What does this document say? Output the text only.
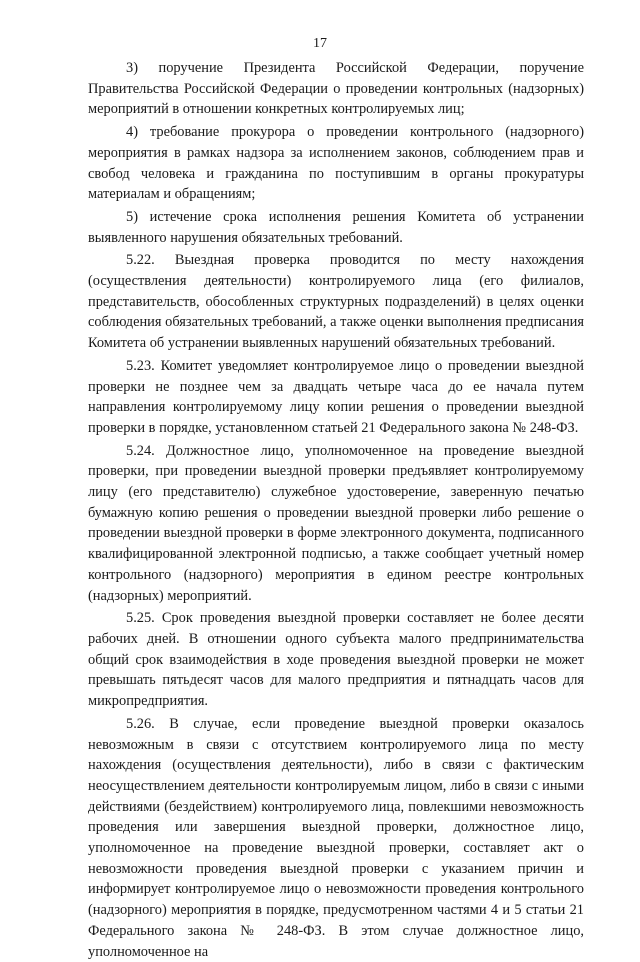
17

3) поручение Президента Российской Федерации, поручение Правительства Российской Федерации о проведении контрольных (надзорных) мероприятий в отношении конкретных контролируемых лиц;

4) требование прокурора о проведении контрольного (надзорного) мероприятия в рамках надзора за исполнением законов, соблюдением прав и свобод человека и гражданина по поступившим в органы прокуратуры материалам и обращениям;

5) истечение срока исполнения решения Комитета об устранении выявленного нарушения обязательных требований.

5.22. Выездная проверка проводится по месту нахождения (осуществления деятельности) контролируемого лица (его филиалов, представительств, обособленных структурных подразделений) в целях оценки соблюдения обязательных требований, а также оценки выполнения предписания Комитета об устранении выявленных нарушений обязательных требований.

5.23. Комитет уведомляет контролируемое лицо о проведении выездной проверки не позднее чем за двадцать четыре часа до ее начала путем направления контролируемому лицу копии решения о проведении выездной проверки в порядке, установленном статьей 21 Федерального закона № 248-ФЗ.

5.24. Должностное лицо, уполномоченное на проведение выездной проверки, при проведении выездной проверки предъявляет контролируемому лицу (его представителю) служебное удостоверение, заверенную печатью бумажную копию решения о проведении выездной проверки либо решение о проведении выездной проверки в форме электронного документа, подписанного квалифицированной электронной подписью, а также сообщает учетный номер контрольного (надзорного) мероприятия в едином реестре контрольных (надзорных) мероприятий.

5.25. Срок проведения выездной проверки составляет не более десяти рабочих дней. В отношении одного субъекта малого предпринимательства общий срок взаимодействия в ходе проведения выездной проверки не может превышать пятьдесят часов для малого предприятия и пятнадцать часов для микропредприятия.

5.26. В случае, если проведение выездной проверки оказалось невозможным в связи с отсутствием контролируемого лица по месту нахождения (осуществления деятельности), либо в связи с фактическим неосуществлением деятельности контролируемым лицом, либо в связи с иными действиями (бездействием) контролируемого лица, повлекшими невозможность проведения или завершения выездной проверки, должностное лицо, уполномоченное на проведение выездной проверки, составляет акт о невозможности проведения выездной проверки с указанием причин и информирует контролируемое лицо о невозможности проведения контрольного (надзорного) мероприятия в порядке, предусмотренном частями 4 и 5 статьи 21 Федерального закона № 248-ФЗ. В этом случае должностное лицо, уполномоченное на
